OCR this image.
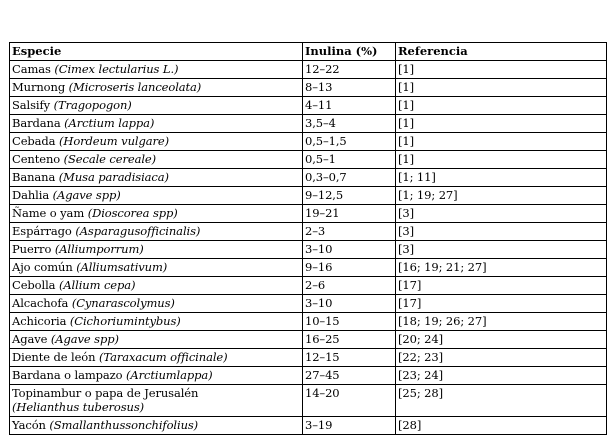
Especie	Inulina (%)	Referencia
Camas (Cimex lectularius L.)	12–22	[1]
Murnong (Microseris lanceolata)	8–13	[1]
Salsify (Tragopogon)	4–11	[1]
Bardana (Arctium lappa)	3,5–4	[1]
Cebada (Hordeum vulgare)	0,5–1,5	[1]
Centeno (Secale cereale)	0,5–1	[1]
Banana (Musa paradisiaca)	0,3–0,7	[1; 11]
Dahlia (Agave spp)	9–12,5	[1; 19; 27]
Ñame o yam (Dioscorea spp)	19–21	[3]
Espárrago (Asparagusofficinalis)	2–3	[3]
Puerro (Alliumporrum)	3–10	[3]
Ajo común (Alliumsativum)	9–16	[16; 19; 21; 27]
Cebolla (Allium cepa)	2–6	[17]
Alcachofa (Cynarascolymus)	3–10	[17]
Achicoria (Cichoriumintybus)	10–15	[18; 19; 26; 27]
Agave (Agave spp)	16–25	[20; 24]
Diente de león (Taraxacum officinale)	12–15	[22; 23]
Bardana o lampazo (Arctiumlappa)	27–45	[23; 24]
Topinambur o papa de Jerusalén
(Helianthus tuberosus)	14–20	[25; 28]
Yacón (Smallanthussonchifolius)	3–19	[28]
